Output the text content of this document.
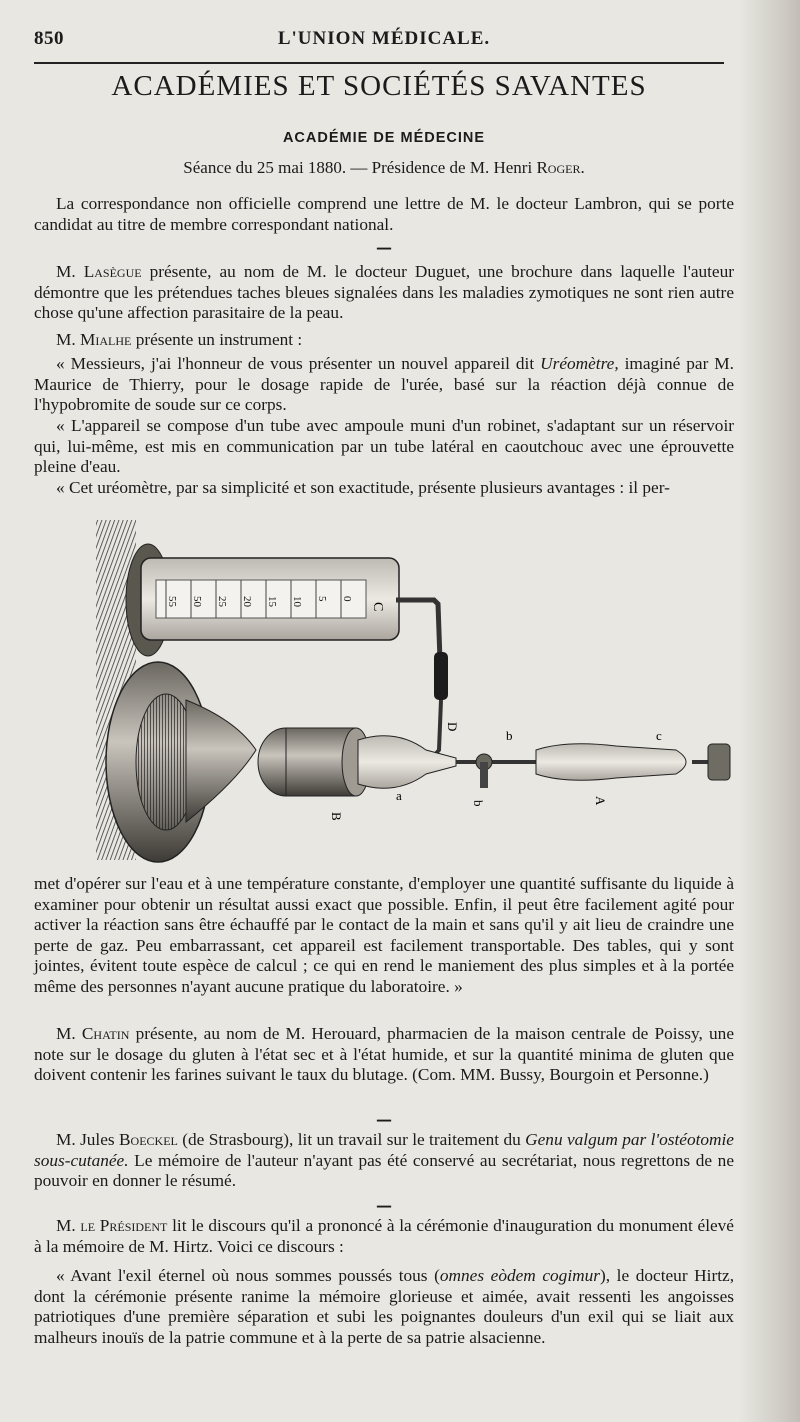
850	L'UNION MÉDICALE.
ACADÉMIES ET SOCIÉTÉS SAVANTES
ACADÉMIE DE MÉDECINE
Séance du 25 mai 1880. — Présidence de M. Henri Roger.

La correspondance non officielle comprend une lettre de M. le docteur Lambron, qui se porte candidat au titre de membre correspondant national.

—

M. Lasègue présente, au nom de M. le docteur Duguet, une brochure dans laquelle l'auteur démontre que les prétendues taches bleues signalées dans les maladies zymotiques ne sont rien autre chose qu'une affection parasitaire de la peau.

M. Mialhe présente un instrument :

« Messieurs, j'ai l'honneur de vous présenter un nouvel appareil dit Uréomètre, imaginé par M. Maurice de Thierry, pour le dosage rapide de l'urée, basé sur la réaction déjà connue de l'hypobromite de soude sur ce corps.

« L'appareil se compose d'un tube avec ampoule muni d'un robinet, s'adaptant sur un réservoir qui, lui-même, est mis en communication par un tube latéral en caoutchouc avec une éprouvette pleine d'eau.

« Cet uréomètre, par sa simplicité et son exactitude, présente plusieurs avantages : il per-

55 50 25 20 15 10 5 0
C
D
a
b
b
A
c
B

met d'opérer sur l'eau et à une température constante, d'employer une quantité suffisante du liquide à examiner pour obtenir un résultat aussi exact que possible. Enfin, il peut être facilement agité pour activer la réaction sans être échauffé par le contact de la main et sans qu'il y ait lieu de craindre une perte de gaz. Peu embarrassant, cet appareil est facilement transportable. Des tables, qui y sont jointes, évitent toute espèce de calcul ; ce qui en rend le maniement des plus simples et à la portée même des personnes n'ayant aucune pratique du laboratoire. »

M. Chatin présente, au nom de M. Herouard, pharmacien de la maison centrale de Poissy, une note sur le dosage du gluten à l'état sec et à l'état humide, et sur la quantité minima de gluten que doivent contenir les farines suivant le taux du blutage. (Com. MM. Bussy, Bourgoin et Personne.)

—

M. Jules Boeckel (de Strasbourg), lit un travail sur le traitement du Genu valgum par l'ostéotomie sous-cutanée. Le mémoire de l'auteur n'ayant pas été conservé au secrétariat, nous regrettons de ne pouvoir en donner le résumé.

—

M. le Président lit le discours qu'il a prononcé à la cérémonie d'inauguration du monument élevé à la mémoire de M. Hirtz. Voici ce discours :

« Avant l'exil éternel où nous sommes poussés tous (omnes eòdem cogimur), le docteur Hirtz, dont la cérémonie présente ranime la mémoire glorieuse et aimée, avait ressenti les angoisses patriotiques d'une première séparation et subi les poignantes douleurs d'un exil qui se liait aux malheurs inouïs de la patrie commune et à la perte de sa patrie alsacienne.
